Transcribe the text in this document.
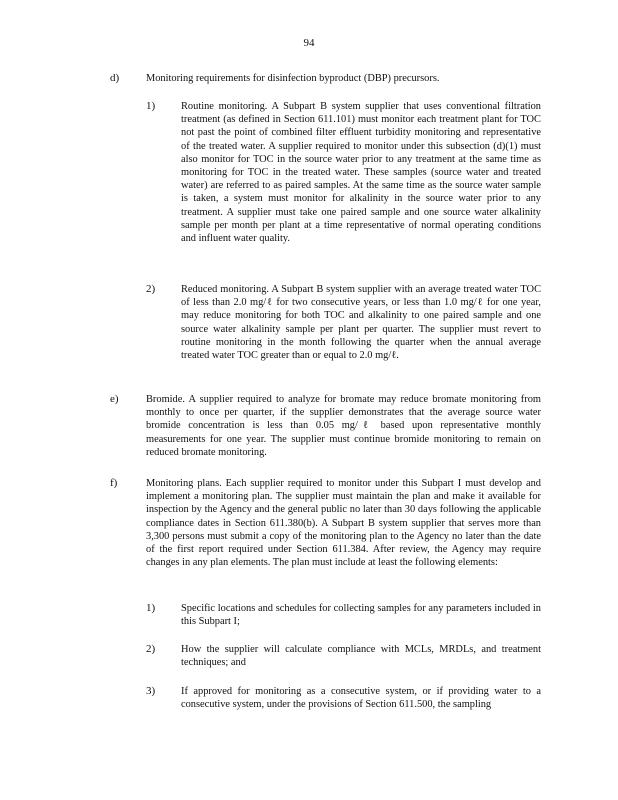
94
d)	Monitoring requirements for disinfection byproduct (DBP) precursors.
1) Routine monitoring. A Subpart B system supplier that uses conventional filtration treatment (as defined in Section 611.101) must monitor each treatment plant for TOC not past the point of combined filter effluent turbidity monitoring and representative of the treated water. A supplier required to monitor under this subsection (d)(1) must also monitor for TOC in the source water prior to any treatment at the same time as monitoring for TOC in the treated water. These samples (source water and treated water) are referred to as paired samples. At the same time as the source water sample is taken, a system must monitor for alkalinity in the source water prior to any treatment. A supplier must take one paired sample and one source water alkalinity sample per month per plant at a time representative of normal operating conditions and influent water quality.
2) Reduced monitoring. A Subpart B system supplier with an average treated water TOC of less than 2.0 mg/ℓ for two consecutive years, or less than 1.0 mg/ℓ for one year, may reduce monitoring for both TOC and alkalinity to one paired sample and one source water alkalinity sample per plant per quarter. The supplier must revert to routine monitoring in the month following the quarter when the annual average treated water TOC greater than or equal to 2.0 mg/ℓ.
e)	Bromide. A supplier required to analyze for bromate may reduce bromate monitoring from monthly to once per quarter, if the supplier demonstrates that the average source water bromide concentration is less than 0.05 mg/ℓ based upon representative monthly measurements for one year. The supplier must continue bromide monitoring to remain on reduced bromate monitoring.
f)	Monitoring plans. Each supplier required to monitor under this Subpart I must develop and implement a monitoring plan. The supplier must maintain the plan and make it available for inspection by the Agency and the general public no later than 30 days following the applicable compliance dates in Section 611.380(b). A Subpart B system supplier that serves more than 3,300 persons must submit a copy of the monitoring plan to the Agency no later than the date of the first report required under Section 611.384. After review, the Agency may require changes in any plan elements. The plan must include at least the following elements:
1) Specific locations and schedules for collecting samples for any parameters included in this Subpart I;
2) How the supplier will calculate compliance with MCLs, MRDLs, and treatment techniques; and
3) If approved for monitoring as a consecutive system, or if providing water to a consecutive system, under the provisions of Section 611.500, the sampling
